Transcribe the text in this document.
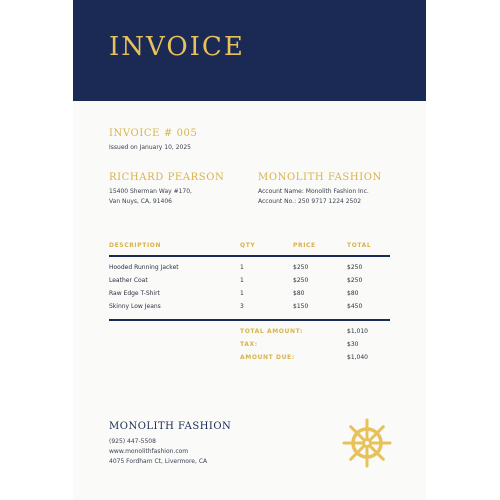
INVOICE
INVOICE # 005
Issued on January 10, 2025
RICHARD PEARSON
15400 Sherman Way #170,
Van Nuys, CA, 91406
MONOLITH FASHION
Account Name: Monolith Fashion Inc.
Account No.: 250 9717 1224 2502
DESCRIPTION	QTY	PRICE	TOTAL
Hooded Running Jacket	1	$250	$250
Leather Coat	1	$250	$250
Raw Edge T-Shirt	1	$80	$80
Skinny Low Jeans	3	$150	$450
TOTAL AMOUNT:	$1,010
TAX:	$30
AMOUNT DUE:	$1,040
MONOLITH FASHION
(925) 447-5508
www.monolithfashion.com
4075 Fordham Ct, Livermore, CA
